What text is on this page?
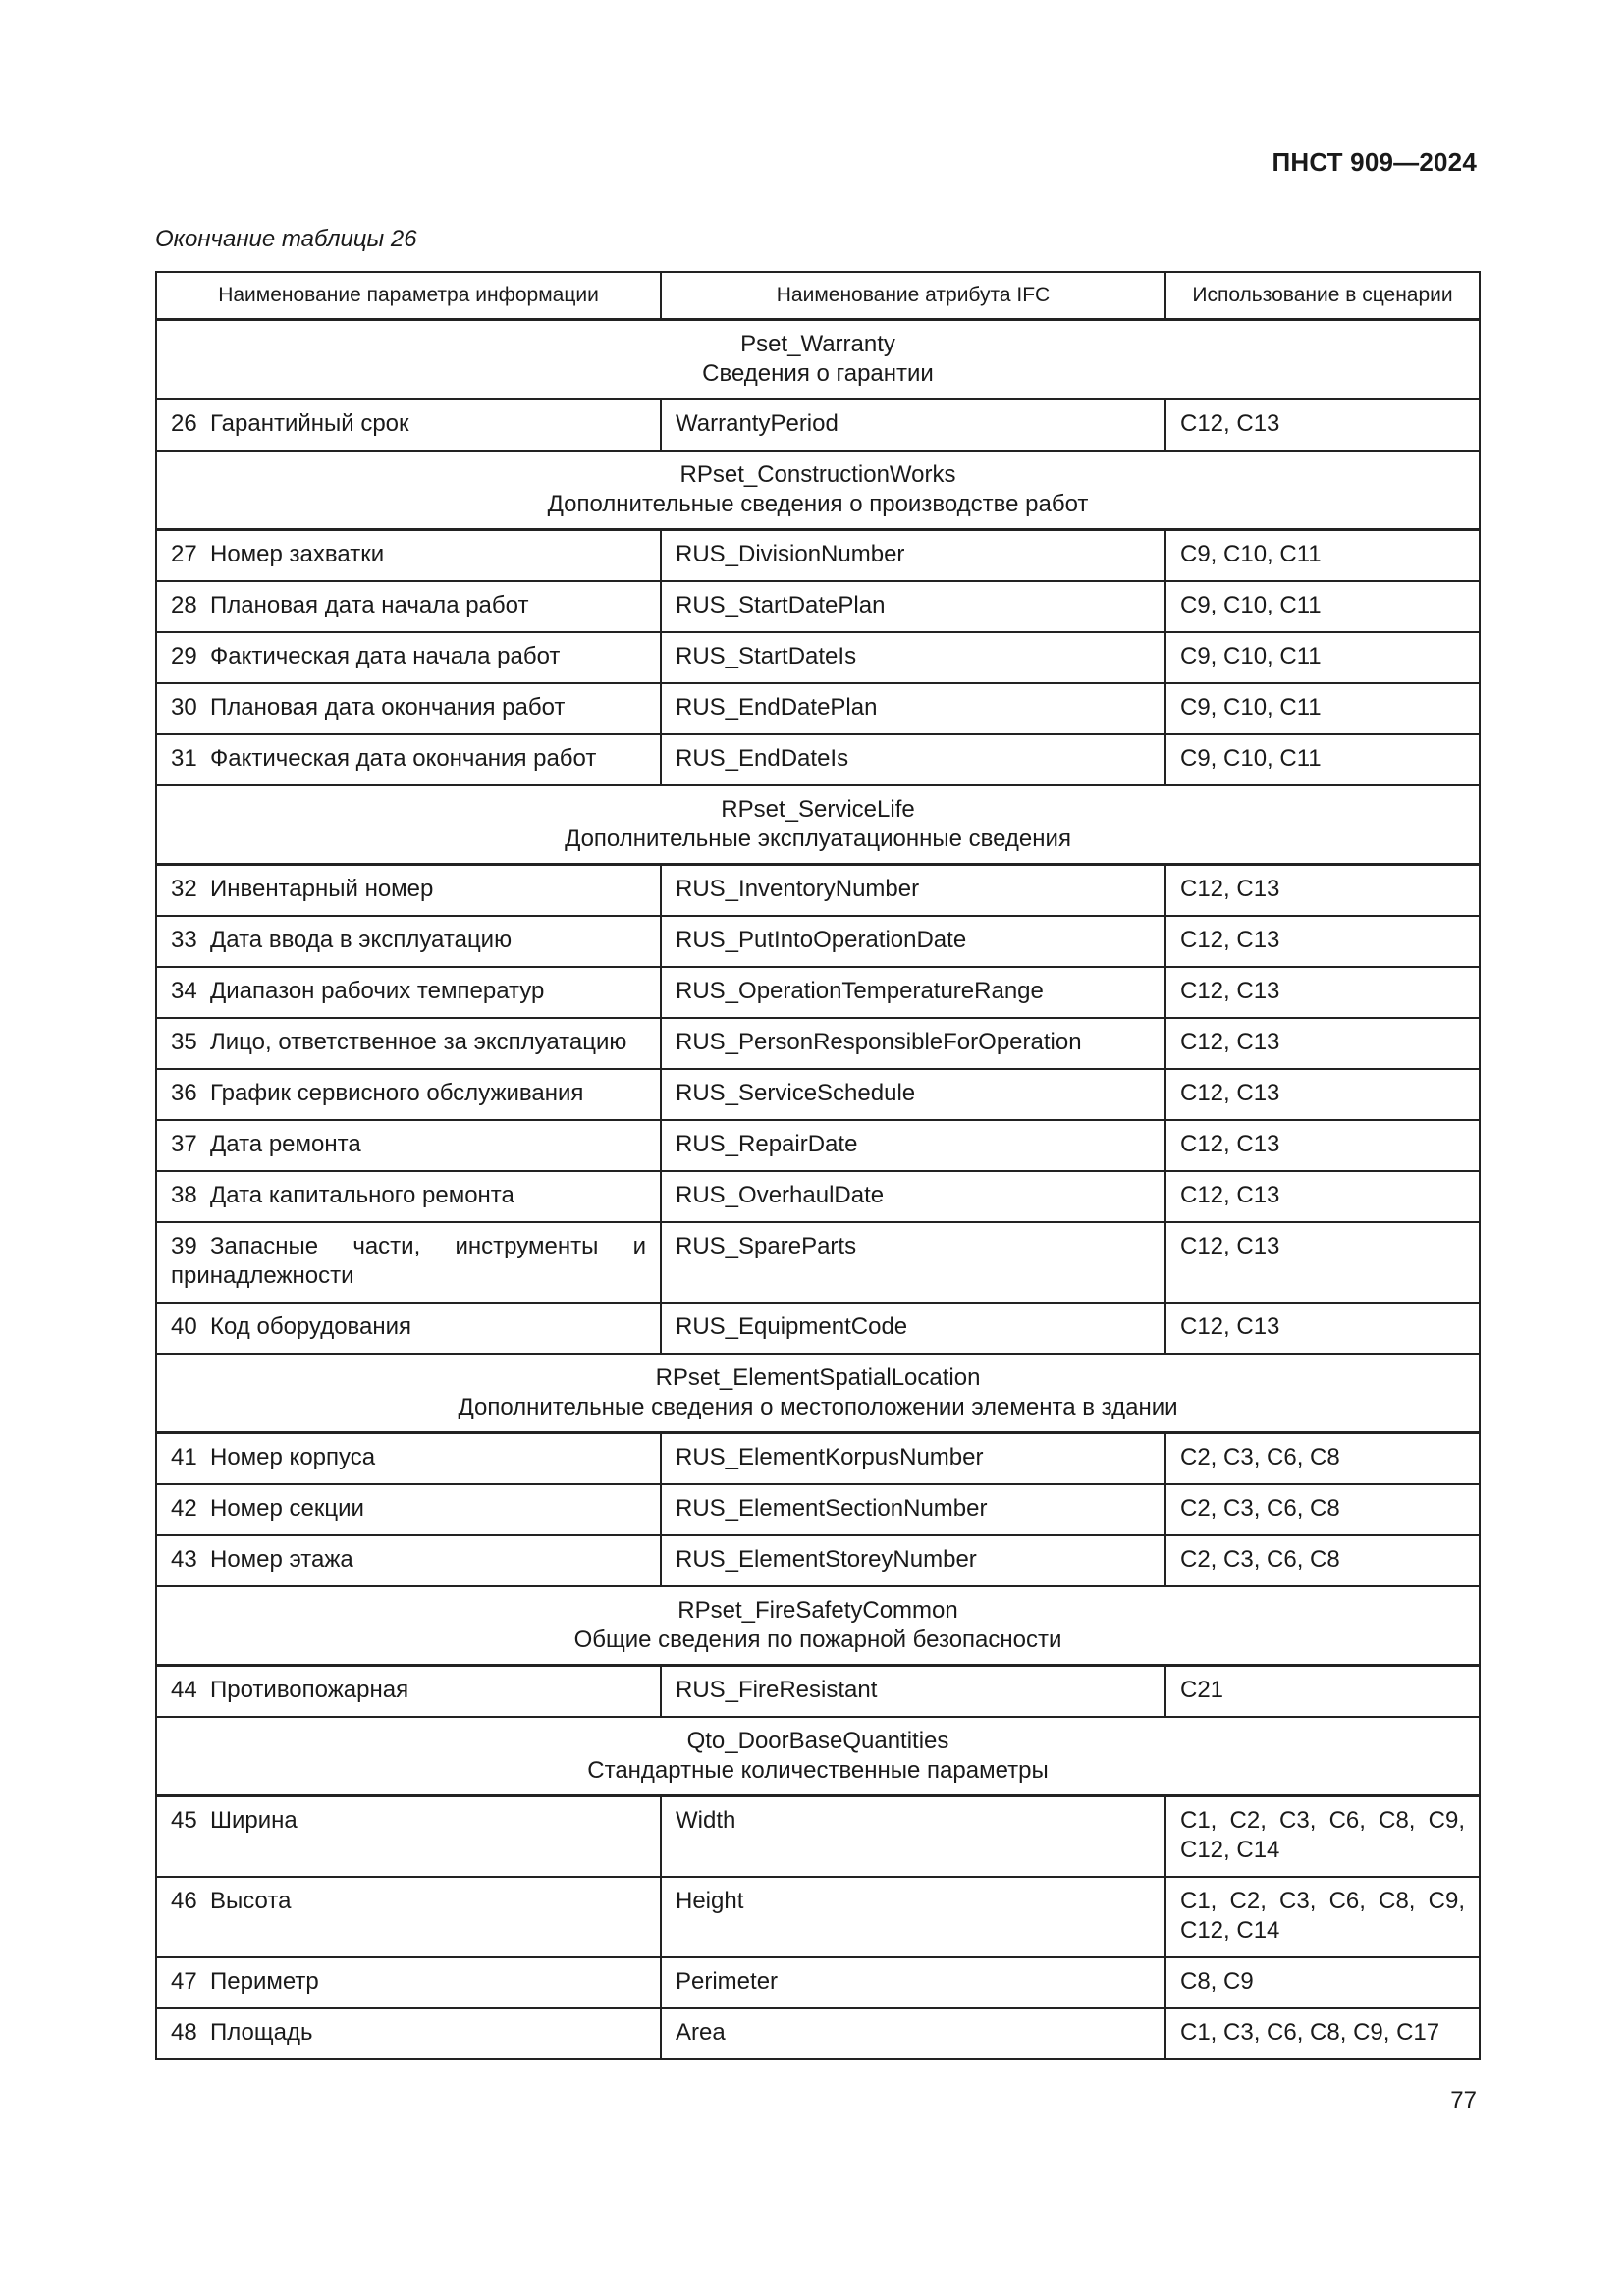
ПНСТ 909—2024
Окончание таблицы 26
Наименование параметра информации	Наименование атрибута IFC	Использование в сценарии

Pset_Warranty
Сведения о гарантии		

26 Гарантийный срок	WarrantyPeriod	C12, C13

RPset_ConstructionWorks
Дополнительные сведения о производстве работ		

27 Номер захватки	RUS_DivisionNumber	C9, C10, C11
28 Плановая дата начала работ	RUS_StartDatePlan	C9, C10, C11
29 Фактическая дата начала работ	RUS_StartDateIs	C9, C10, C11
30 Плановая дата окончания работ	RUS_EndDatePlan	C9, C10, C11
31 Фактическая дата окончания работ	RUS_EndDateIs	C9, C10, C11

RPset_ServiceLife
Дополнительные эксплуатационные сведения		

32 Инвентарный номер	RUS_InventoryNumber	C12, C13
33 Дата ввода в эксплуатацию	RUS_PutIntoOperationDate	C12, C13
34 Диапазон рабочих температур	RUS_OperationTemperatureRange	C12, C13
35 Лицо, ответственное за эксплуатацию	RUS_PersonResponsibleForOperation	C12, C13
36 График сервисного обслуживания	RUS_ServiceSchedule	C12, C13
37 Дата ремонта	RUS_RepairDate	C12, C13
38 Дата капитального ремонта	RUS_OverhaulDate	C12, C13
39 Запасные части, инструменты и принадлежности	RUS_SpareParts	C12, C13
40 Код оборудования	RUS_EquipmentCode	C12, C13

RPset_ElementSpatialLocation
Дополнительные сведения о местоположении элемента в здании		

41 Номер корпуса	RUS_ElementKorpusNumber	C2, C3, C6, C8
42 Номер секции	RUS_ElementSectionNumber	C2, C3, C6, C8
43 Номер этажа	RUS_ElementStoreyNumber	C2, C3, C6, C8

RPset_FireSafetyCommon
Общие сведения по пожарной безопасности		

44 Противопожарная	RUS_FireResistant	C21

Qto_DoorBaseQuantities
Стандартные количественные параметры		

45 Ширина	Width	C1, C2, C3, C6, C8, C9, C12, C14
46 Высота	Height	C1, C2, C3, C6, C8, C9, C12, C14
47 Периметр	Perimeter	C8, C9
48 Площадь	Area	C1, C3, C6, C8, C9, C17
77
